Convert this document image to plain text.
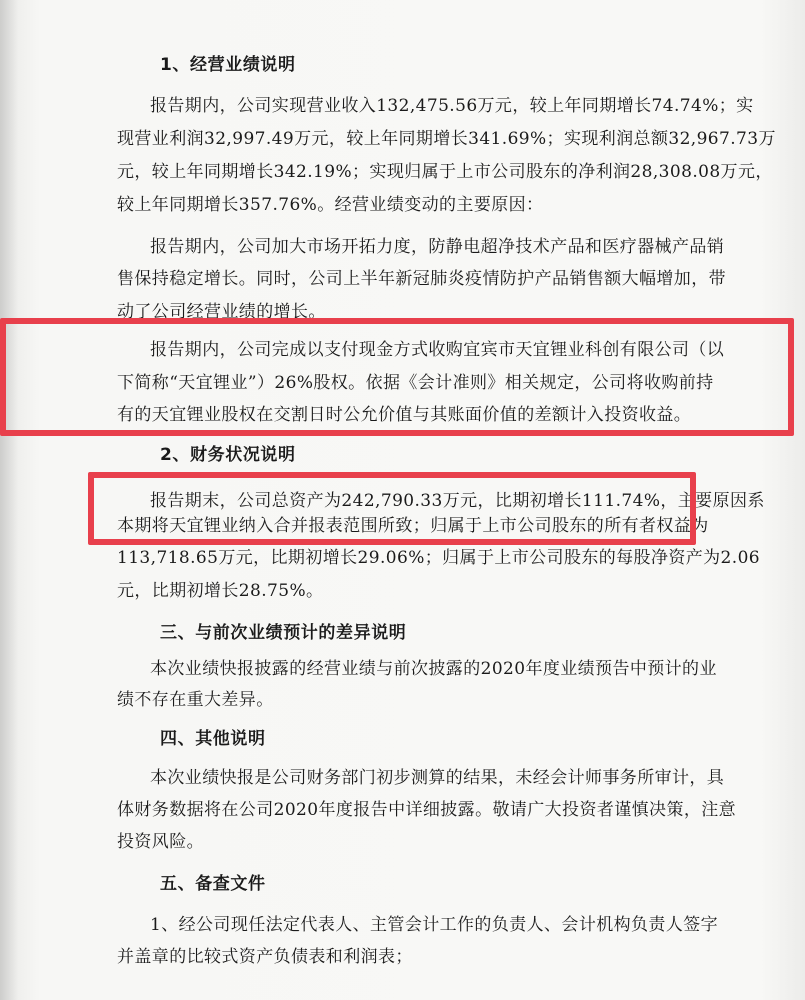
1、经营业绩说明
报告期内，公司实现营业收入132,475.56万元，较上年同期增长74.74%；实
现营业利润32,997.49万元，较上年同期增长341.69%；实现利润总额32,967.73万
元，较上年同期增长342.19%；实现归属于上市公司股东的净利润28,308.08万元，
较上年同期增长357.76%。经营业绩变动的主要原因：
报告期内，公司加大市场开拓力度，防静电超净技术产品和医疗器械产品销
售保持稳定增长。同时，公司上半年新冠肺炎疫情防护产品销售额大幅增加，带
动了公司经营业绩的增长。
报告期内，公司完成以支付现金方式收购宜宾市天宜锂业科创有限公司（以
下简称“天宜锂业”）26%股权。依据《会计准则》相关规定，公司将收购前持
有的天宜锂业股权在交割日时公允价值与其账面价值的差额计入投资收益。
2、财务状况说明
报告期末，公司总资产为242,790.33万元，比期初增长111.74%，主要原因系
本期将天宜锂业纳入合并报表范围所致；归属于上市公司股东的所有者权益为
113,718.65万元，比期初增长29.06%；归属于上市公司股东的每股净资产为2.06
元，比期初增长28.75%。
三、与前次业绩预计的差异说明
本次业绩快报披露的经营业绩与前次披露的2020年度业绩预告中预计的业
绩不存在重大差异。
四、其他说明
本次业绩快报是公司财务部门初步测算的结果，未经会计师事务所审计，具
体财务数据将在公司2020年度报告中详细披露。敬请广大投资者谨慎决策，注意
投资风险。
五、备查文件
1、经公司现任法定代表人、主管会计工作的负责人、会计机构负责人签字
并盖章的比较式资产负债表和利润表；
